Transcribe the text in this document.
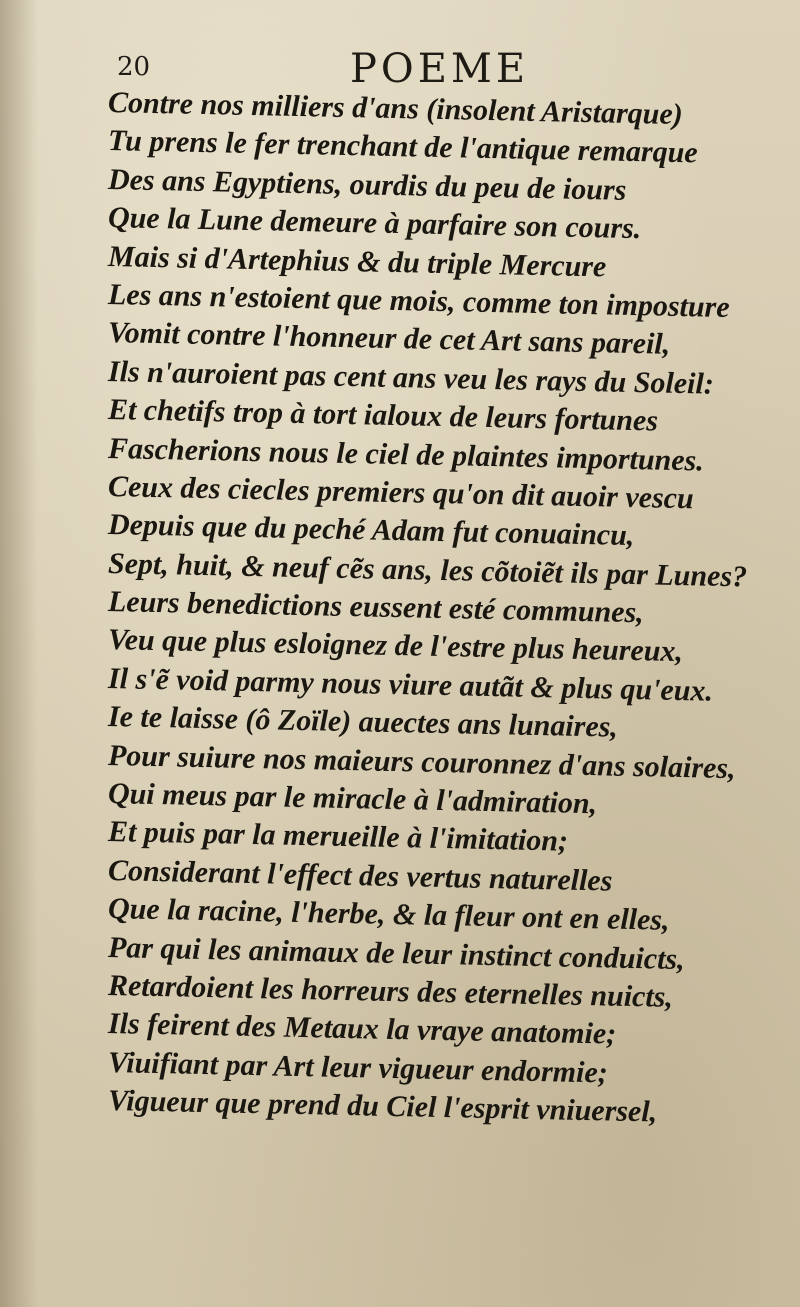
20	POEME
Contre nos milliers d'ans (insolent Aristarque)
Tu prens le fer trenchant de l'antique remarque
Des ans Egyptiens, ourdis du peu de iours
Que la Lune demeure à parfaire son cours.
Mais si d'Artephius & du triple Mercure
Les ans n'estoient que mois, comme ton imposture
Vomit contre l'honneur de cet Art sans pareil,
Ils n'auroient pas cent ans veu les rays du Soleil:
Et chetifs trop à tort ialoux de leurs fortunes
Fascherions nous le ciel de plaintes importunes.
Ceux des ciecles premiers qu'on dit auoir vescu
Depuis que du peché Adam fut conuaincu,
Sept, huit, & neuf cẽs ans, les cõtoiẽt ils par Lunes?
Leurs benedictions eussent esté communes,
Veu que plus esloignez de l'estre plus heureux,
Il s'ẽ void parmy nous viure autãt & plus qu'eux.
Ie te laisse (ô Zoïle) auectes ans lunaires,
Pour suiure nos maieurs couronnez d'ans solaires,
Qui meus par le miracle à l'admiration,
Et puis par la merueille à l'imitation;
Considerant l'effect des vertus naturelles
Que la racine, l'herbe, & la fleur ont en elles,
Par qui les animaux de leur instinct conduicts,
Retardoient les horreurs des eternelles nuicts,
Ils feirent des Metaux la vraye anatomie;
Viuifiant par Art leur vigueur endormie;
Vigueur que prend du Ciel l'esprit vniuersel,
